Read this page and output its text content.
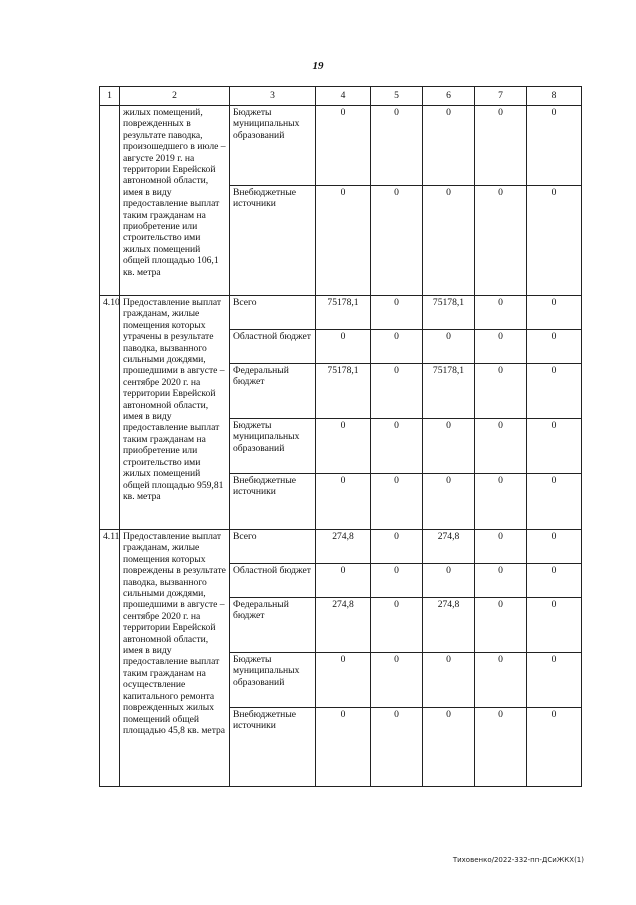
19
1	2	3	4	5	6	7	8
	жилых помещений, поврежденных в результате паводка, произошедшего в июле – августе 2019 г. на территории Еврейской автономной области, имея в виду предоставление выплат таким гражданам на приобретение или строительство ими жилых помещений общей площадью 106,1 кв. метра	Бюджеты муниципальных образований	0	0	0	0	0
		Внебюджетные источники	0	0	0	0	0
4.10	Предоставление выплат гражданам, жилые помещения которых утрачены в результате паводка, вызванного сильными дождями, прошедшими в августе – сентябре 2020 г. на территории Еврейской автономной области, имея в виду предоставление выплат таким гражданам на приобретение или строительство ими жилых помещений общей площадью 959,81 кв. метра	Всего	75178,1	0	75178,1	0	0
		Областной бюджет	0	0	0	0	0
		Федеральный бюджет	75178,1	0	75178,1	0	0
		Бюджеты муниципальных образований	0	0	0	0	0
		Внебюджетные источники	0	0	0	0	0
4.11	Предоставление выплат гражданам, жилые помещения которых повреждены в результате паводка, вызванного сильными дождями, прошедшими в августе – сентябре 2020 г. на территории Еврейской автономной области, имея в виду предоставление выплат таким гражданам на осуществление капитального ремонта поврежденных жилых помещений общей площадью 45,8 кв. метра	Всего	274,8	0	274,8	0	0
		Областной бюджет	0	0	0	0	0
		Федеральный бюджет	274,8	0	274,8	0	0
		Бюджеты муниципальных образований	0	0	0	0	0
		Внебюджетные источники	0	0	0	0	0
Тиховенко/2022-332-пп-ДСиЖКХ(1)
